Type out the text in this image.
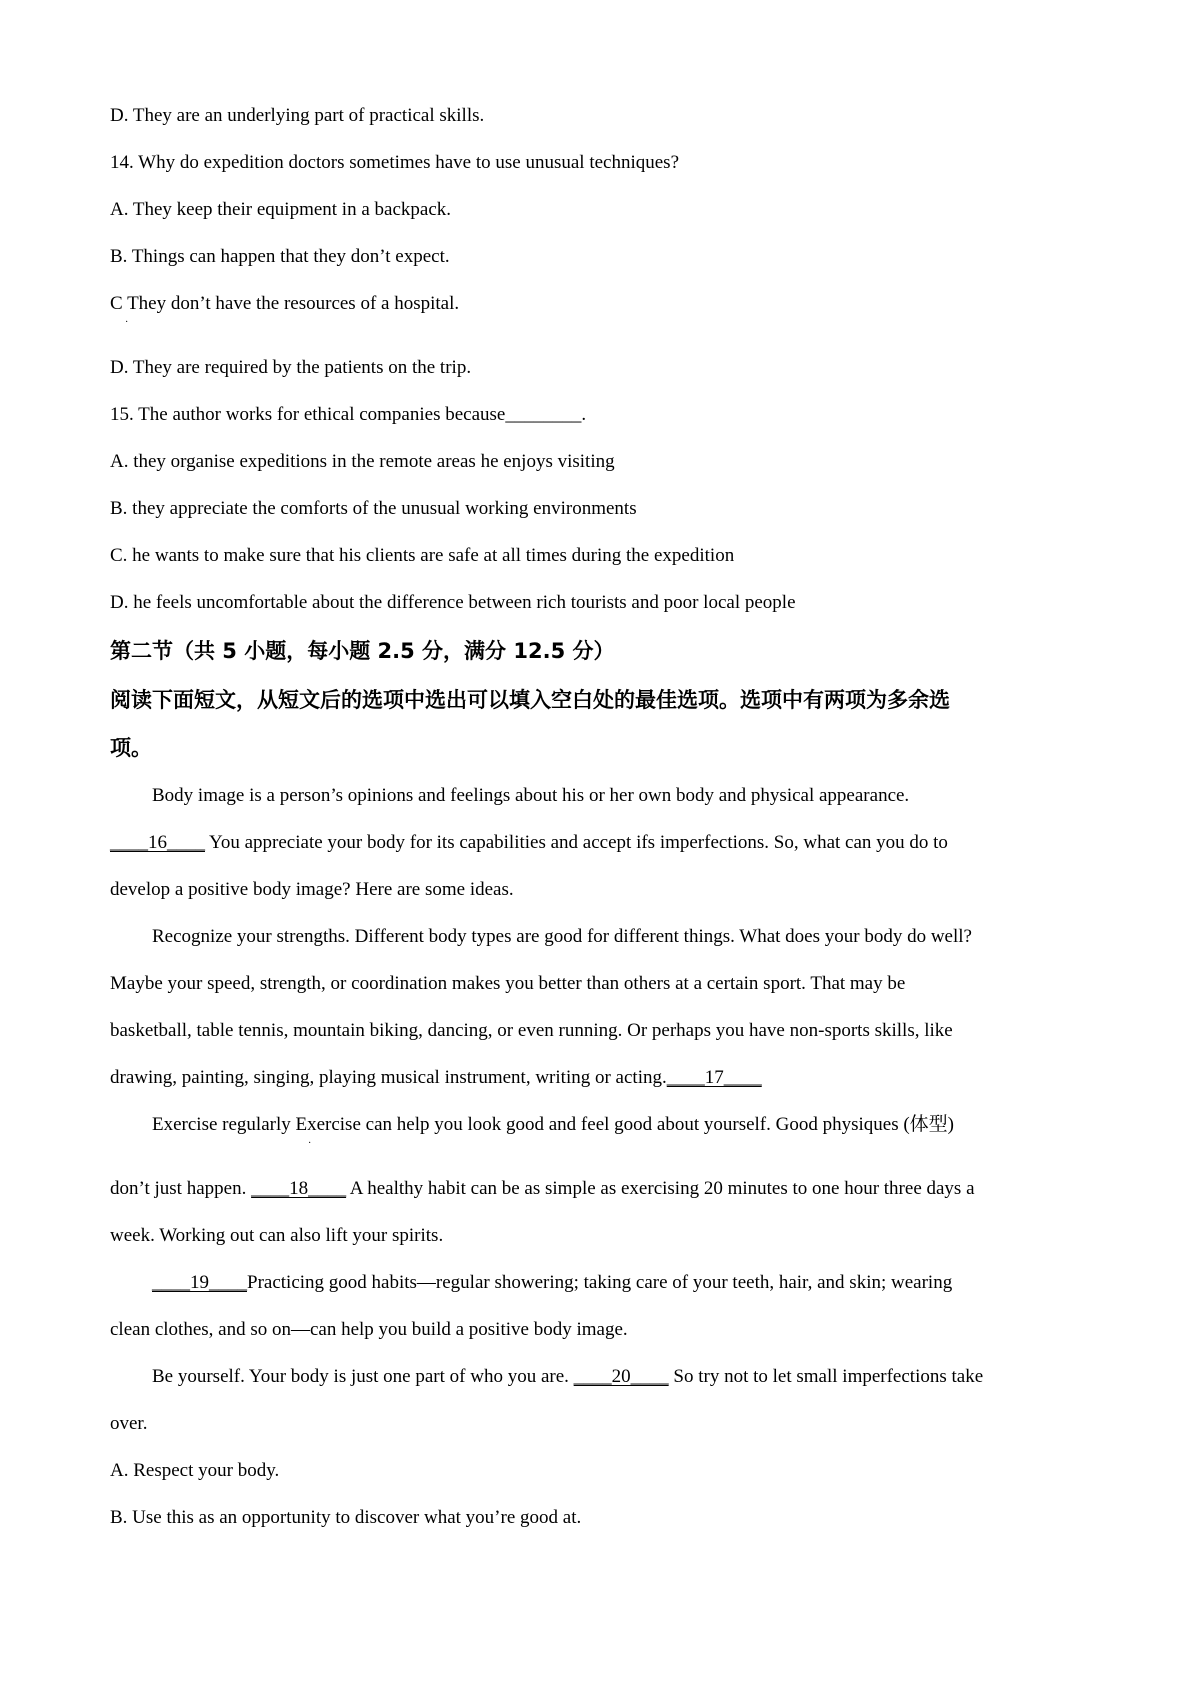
D. They are an underlying part of practical skills.
14. Why do expedition doctors sometimes have to use unusual techniques?
A. They keep their equipment in a backpack.
B. Things can happen that they don’t expect.
C They don’t have the resources of a hospital.
·
D. They are required by the patients on the trip.
15. The author works for ethical companies because________.
A. they organise expeditions in the remote areas he enjoys visiting
B. they appreciate the comforts of the unusual working environments
C. he wants to make sure that his clients are safe at all times during the expedition
D. he feels uncomfortable about the difference between rich tourists and poor local people
第二节（共 5 小题，每小题 2.5 分，满分 12.5 分）
阅读下面短文，从短文后的选项中选出可以填入空白处的最佳选项。选项中有两项为多余选
项。
Body image is a person’s opinions and feelings about his or her own body and physical appearance.
____16____ You appreciate your body for its capabilities and accept ifs imperfections. So, what can you do to
develop a positive body image? Here are some ideas.
Recognize your strengths. Different body types are good for different things. What does your body do well?
Maybe your speed, strength, or coordination makes you better than others at a certain sport. That may be
basketball, table tennis, mountain biking, dancing, or even running. Or perhaps you have non-sports skills, like
drawing, painting, singing, playing musical instrument, writing or acting.____17____
Exercise regularly Exercise can help you look good and feel good about yourself. Good physiques (体型)
·
don’t just happen. ____18____ A healthy habit can be as simple as exercising 20 minutes to one hour three days a
week. Working out can also lift your spirits.
____19____Practicing good habits—regular showering; taking care of your teeth, hair, and skin; wearing
clean clothes, and so on—can help you build a positive body image.
Be yourself. Your body is just one part of who you are. ____20____ So try not to let small imperfections take
over.
A. Respect your body.
B. Use this as an opportunity to discover what you’re good at.
